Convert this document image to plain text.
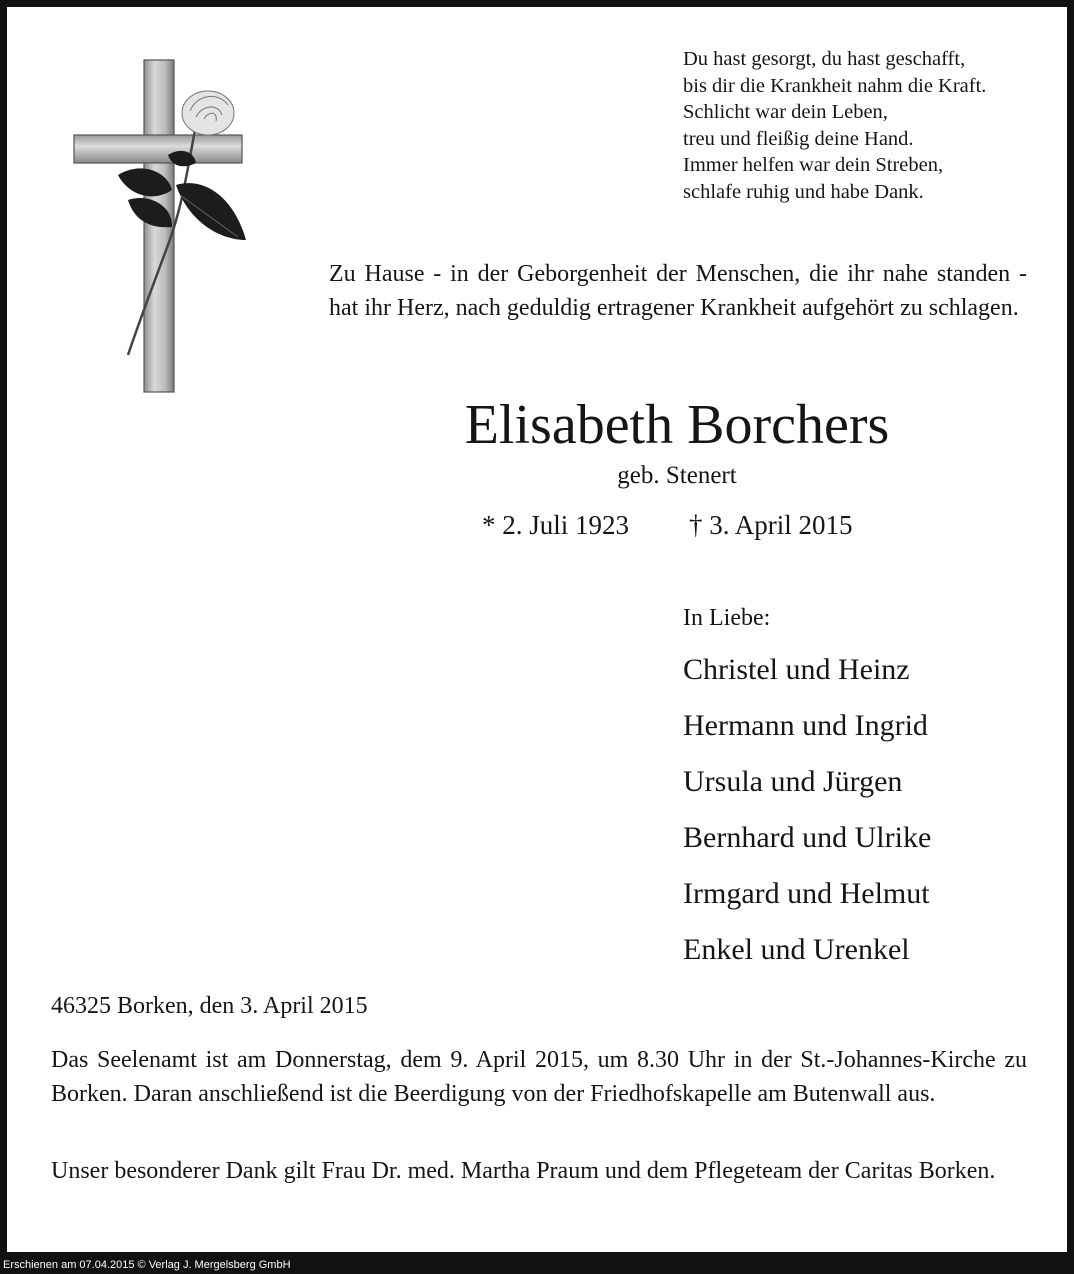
Du hast gesorgt, du hast geschafft,
bis dir die Krankheit nahm die Kraft.
Schlicht war dein Leben,
treu und fleißig deine Hand.
Immer helfen war dein Streben,
schlafe ruhig und habe Dank.
Zu Hause - in der Geborgenheit der Menschen, die ihr nahe standen - hat ihr Herz, nach geduldig ertragener Krankheit aufgehört zu schlagen.
Elisabeth Borchers
geb. Stenert
* 2. Juli 1923 † 3. April 2015
In Liebe:
Christel und Heinz
Hermann und Ingrid
Ursula und Jürgen
Bernhard und Ulrike
Irmgard und Helmut
Enkel und Urenkel
46325 Borken, den 3. April 2015
Das Seelenamt ist am Donnerstag, dem 9. April 2015, um 8.30 Uhr in der St.-Johannes-Kirche zu Borken. Daran anschließend ist die Beerdigung von der Friedhofskapelle am Butenwall aus.
Unser besonderer Dank gilt Frau Dr. med. Martha Praum und dem Pflegeteam der Caritas Borken.
Erschienen am 07.04.2015 © Verlag J. Mergelsberg GmbH
